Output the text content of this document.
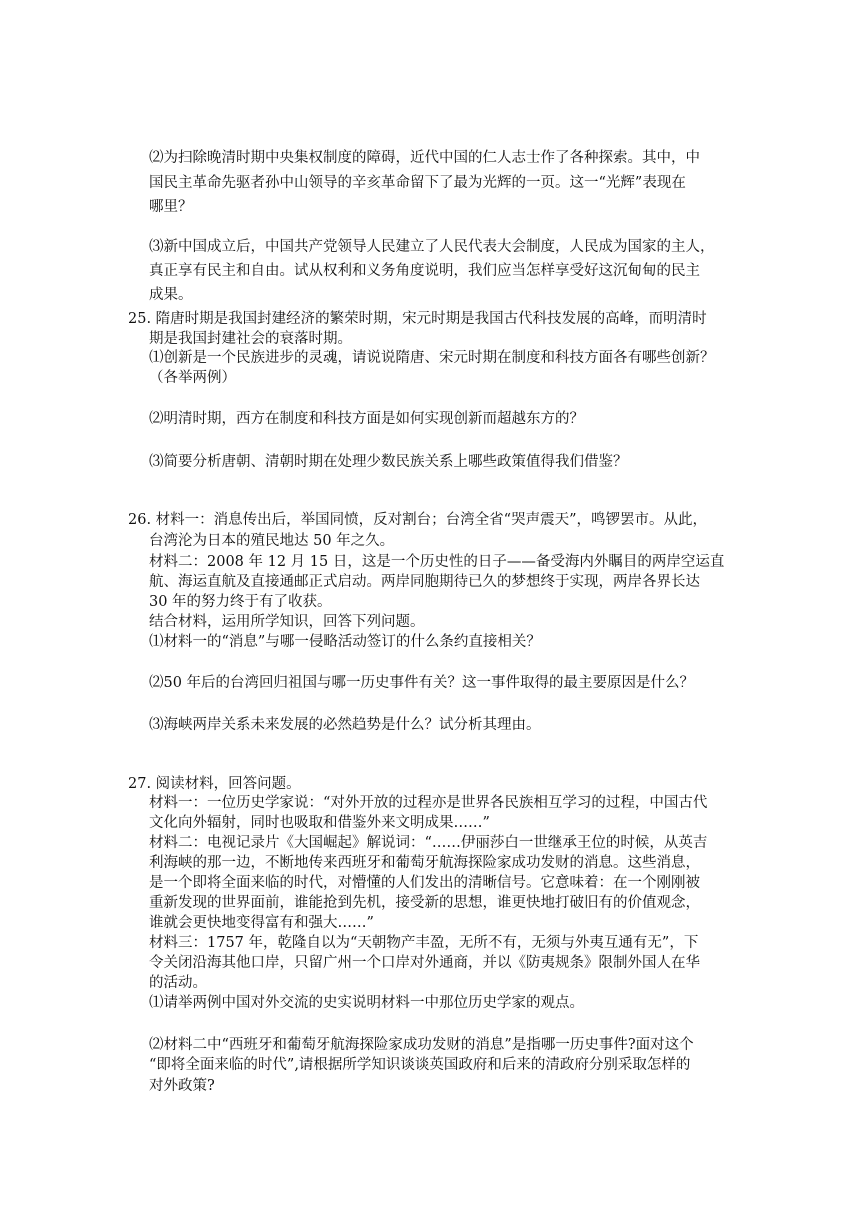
⑵为扫除晚清时期中央集权制度的障碍，近代中国的仁人志士作了各种探索。其中，中
国民主革命先驱者孙中山领导的辛亥革命留下了最为光辉的一页。这一“光辉”表现在
哪里？
⑶新中国成立后，中国共产党领导人民建立了人民代表大会制度，人民成为国家的主人，
真正享有民主和自由。试从权利和义务角度说明，我们应当怎样享受好这沉甸甸的民主
成果。
25. 隋唐时期是我国封建经济的繁荣时期，宋元时期是我国古代科技发展的高峰，而明清时
期是我国封建社会的衰落时期。
⑴创新是一个民族进步的灵魂，请说说隋唐、宋元时期在制度和科技方面各有哪些创新？
（各举两例）
⑵明清时期，西方在制度和科技方面是如何实现创新而超越东方的？
⑶简要分析唐朝、清朝时期在处理少数民族关系上哪些政策值得我们借鉴？
26. 材料一：消息传出后，举国同愤，反对割台；台湾全省“哭声震天”，鸣锣罢市。从此，
台湾沦为日本的殖民地达 50 年之久。
材料二：2008 年 12 月 15 日，这是一个历史性的日子——备受海内外瞩目的两岸空运直
航、海运直航及直接通邮正式启动。两岸同胞期待已久的梦想终于实现，两岸各界长达
30 年的努力终于有了收获。
结合材料，运用所学知识，回答下列问题。
⑴材料一的“消息”与哪一侵略活动签订的什么条约直接相关？
⑵50 年后的台湾回归祖国与哪一历史事件有关？这一事件取得的最主要原因是什么？
⑶海峡两岸关系未来发展的必然趋势是什么？试分析其理由。
27. 阅读材料，回答问题。
材料一：一位历史学家说：“对外开放的过程亦是世界各民族相互学习的过程，中国古代
文化向外辐射，同时也吸取和借鉴外来文明成果……”
材料二：电视记录片《大国崛起》解说词：“……伊丽莎白一世继承王位的时候，从英吉
利海峡的那一边，不断地传来西班牙和葡萄牙航海探险家成功发财的消息。这些消息，
是一个即将全面来临的时代，对懵懂的人们发出的清晰信号。它意味着：在一个刚刚被
重新发现的世界面前，谁能抢到先机，接受新的思想，谁更快地打破旧有的价值观念，
谁就会更快地变得富有和强大……”
材料三：1757 年，乾隆自以为“天朝物产丰盈，无所不有，无须与外夷互通有无”，下
令关闭沿海其他口岸，只留广州一个口岸对外通商，并以《防夷规条》限制外国人在华
的活动。
⑴请举两例中国对外交流的史实说明材料一中那位历史学家的观点。
⑵材料二中“西班牙和葡萄牙航海探险家成功发财的消息”是指哪一历史事件?面对这个
“即将全面来临的时代”,请根据所学知识谈谈英国政府和后来的清政府分别采取怎样的
对外政策?
